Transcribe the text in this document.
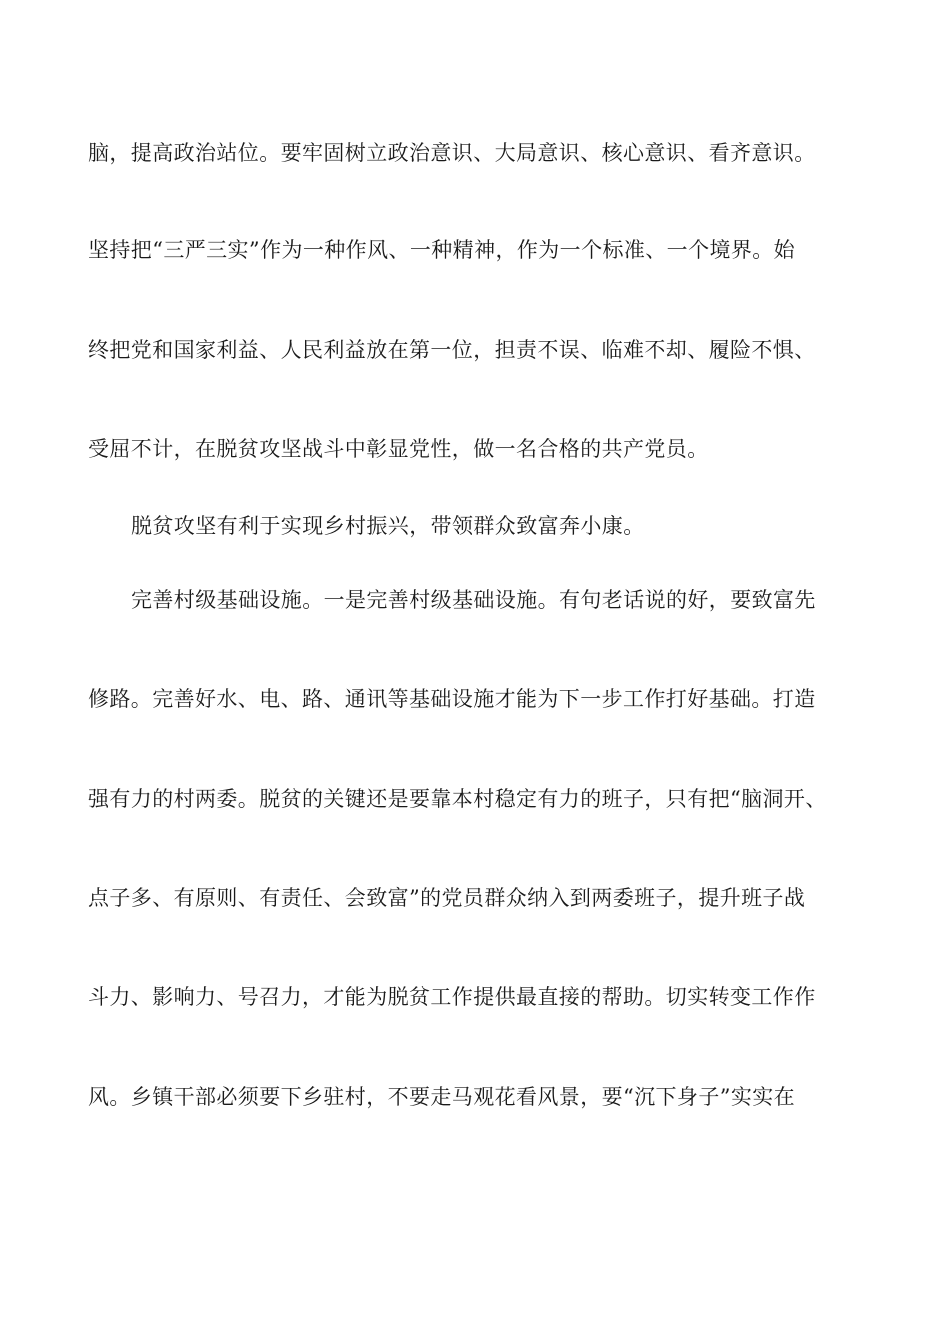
脑，提高政治站位。要牢固树立政治意识、大局意识、核心意识、看齐意识。
坚持把“三严三实”作为一种作风、一种精神，作为一个标准、一个境界。始
终把党和国家利益、人民利益放在第一位，担责不误、临难不却、履险不惧、
受屈不计，在脱贫攻坚战斗中彰显党性，做一名合格的共产党员。
脱贫攻坚有利于实现乡村振兴，带领群众致富奔小康。
完善村级基础设施。一是完善村级基础设施。有句老话说的好，要致富先
修路。完善好水、电、路、通讯等基础设施才能为下一步工作打好基础。打造
强有力的村两委。脱贫的关键还是要靠本村稳定有力的班子，只有把“脑洞开、
点子多、有原则、有责任、会致富”的党员群众纳入到两委班子，提升班子战
斗力、影响力、号召力，才能为脱贫工作提供最直接的帮助。切实转变工作作
风。乡镇干部必须要下乡驻村，不要走马观花看风景，要“沉下身子”实实在
